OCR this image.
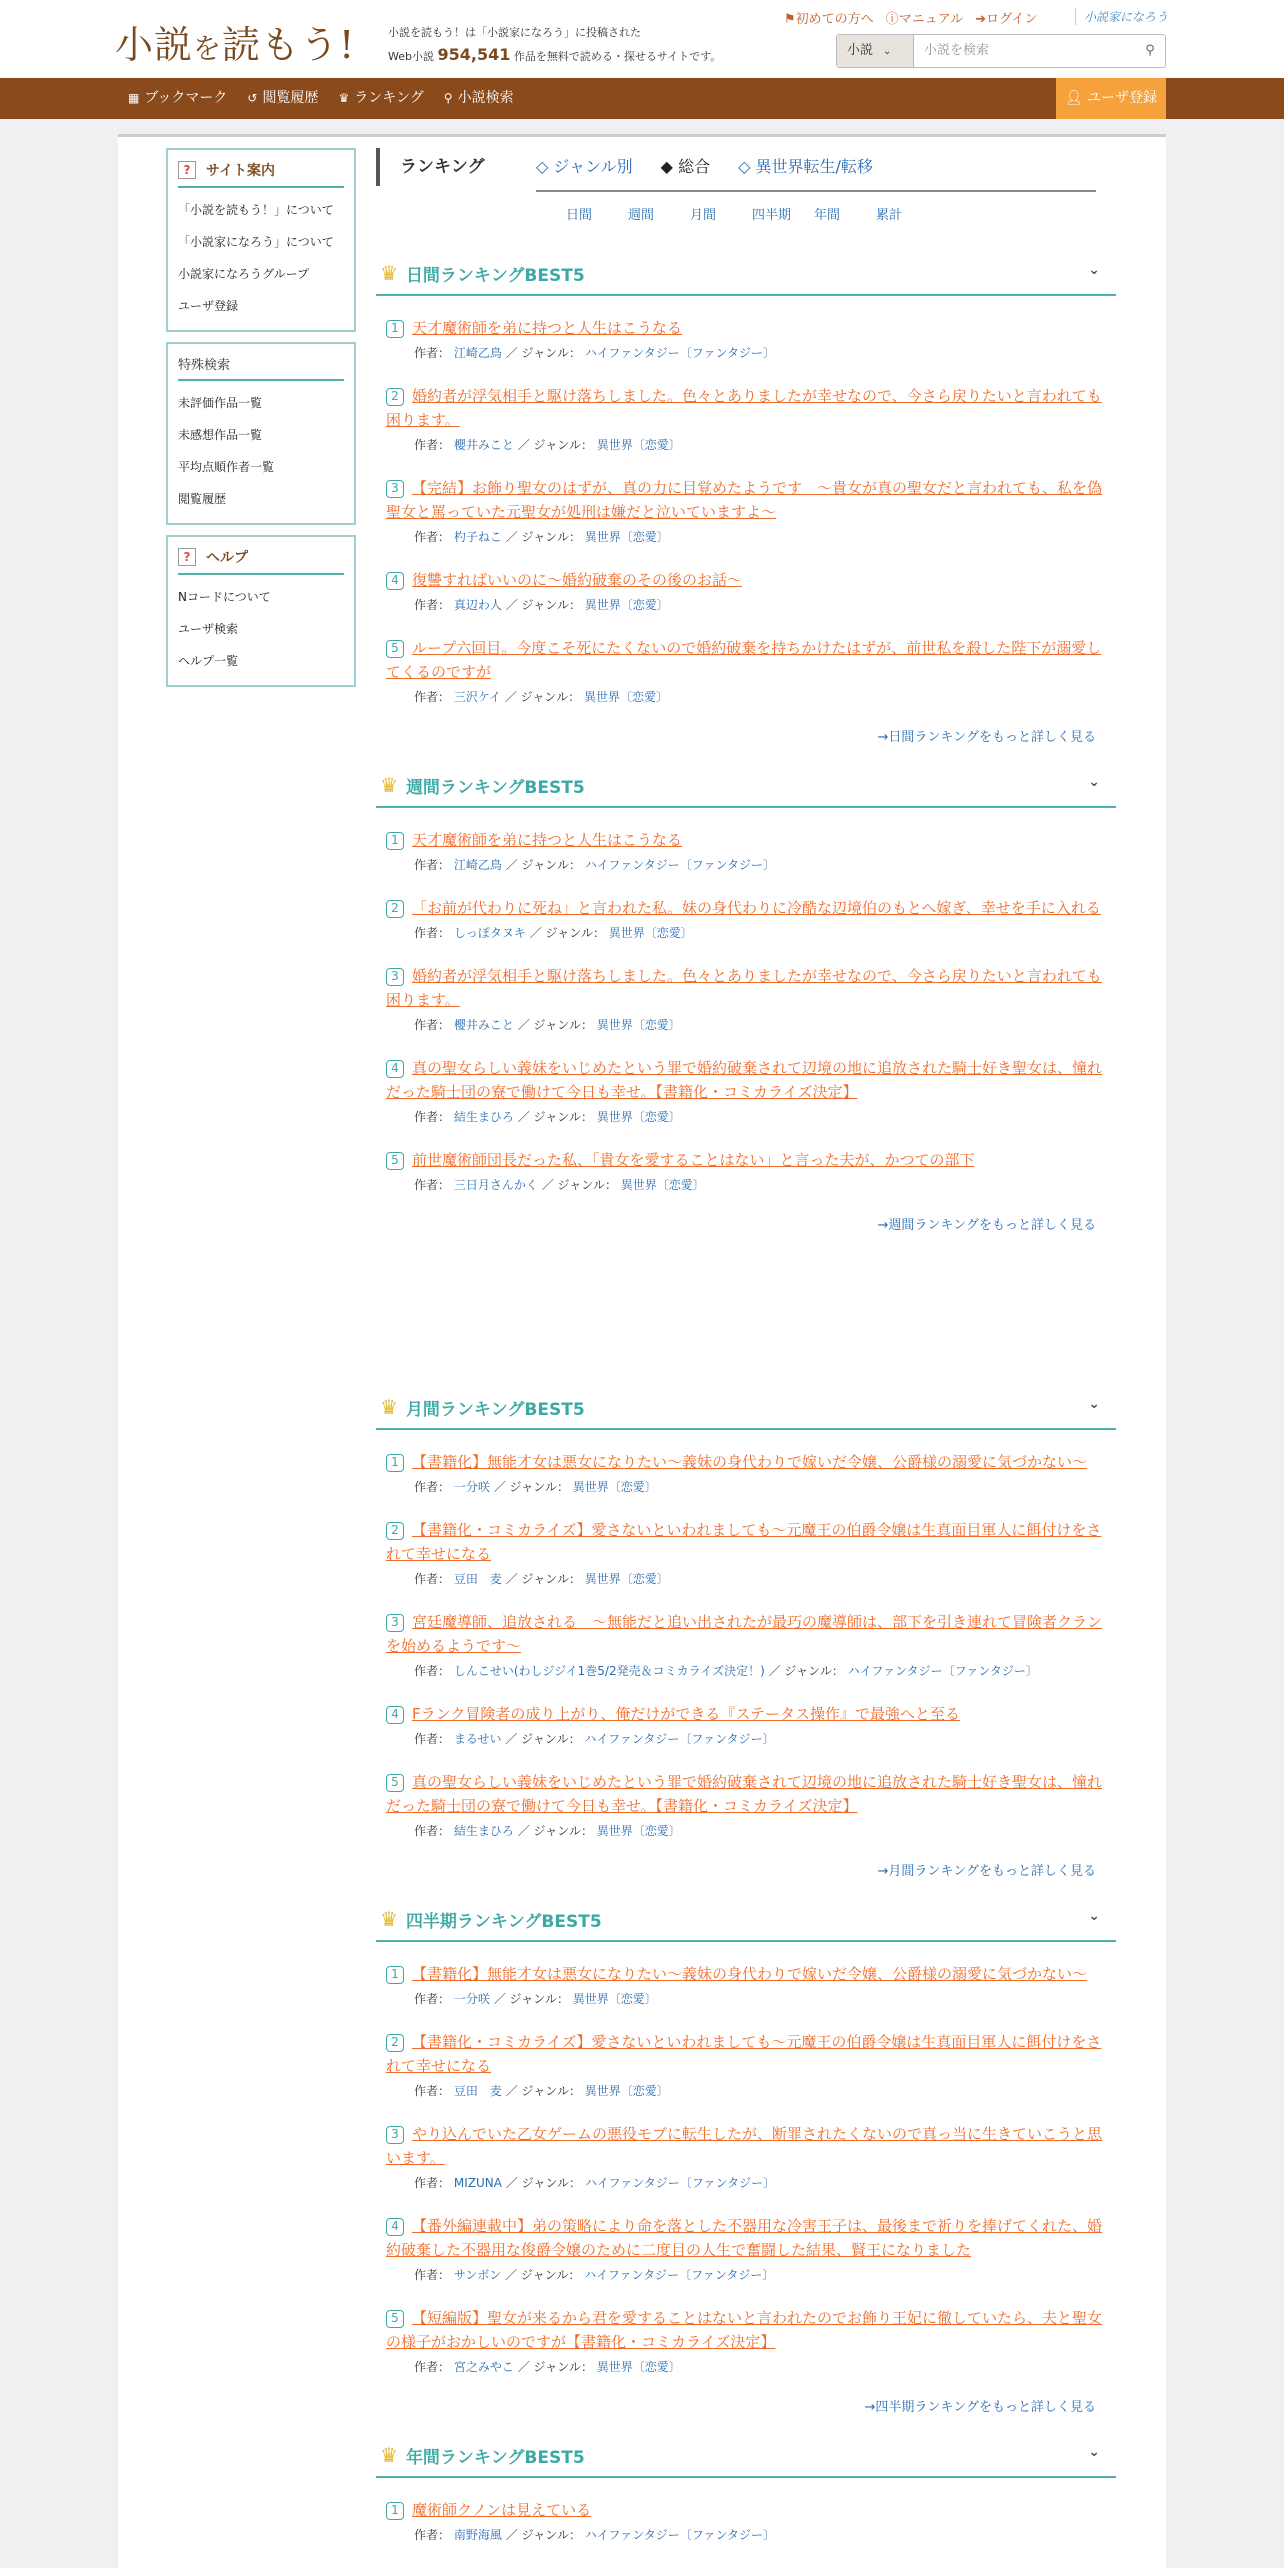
小説を読もう!	小説を読もう！は「小説家になろう」に投稿された
Web小説 954,541 作品を無料で読める・探せるサイトです。
⚑初めての方へ ⓘマニュアル ➔ログイン	小説家になろう
小説 ⌄	小説を検索	⚲
▦ ブックマーク ↺ 閲覧履歴 ♛ ランキング ⚲ 小説検索	👤︎ ユーザ登録
?	サイト案内
「小説を読もう！」について
「小説家になろう」について
小説家になろうグループ
ユーザ登録
特殊検索
未評価作品一覧
未感想作品一覧
平均点順作者一覧
閲覧履歴
?	ヘルプ
Nコードについて
ユーザ検索
ヘルプ一覧
ランキング	◇ ジャンル別 ◆ 総合 ◇ 異世界転生/転移
日間	週間	月間	四半期	年間	累計
♛ 日間ランキングBEST5	⌄
1 天才魔術師を弟に持つと人生はこうなる
作者： 江崎乙鳥 ／ ジャンル： ハイファンタジー〔ファンタジー〕
2 婚約者が浮気相手と駆け落ちしました。色々とありましたが幸せなので、今さら戻りたいと言われても困ります。
作者： 櫻井みこと ／ ジャンル： 異世界〔恋愛〕
3 【完結】お飾り聖女のはずが、真の力に目覚めたようです　～貴女が真の聖女だと言われても、私を偽聖女と罵っていた元聖女が処刑は嫌だと泣いていますよ～
作者： 杓子ねこ ／ ジャンル： 異世界〔恋愛〕
4 復讐すればいいのに〜婚約破棄のその後のお話〜
作者： 真辺わ人 ／ ジャンル： 異世界〔恋愛〕
5 ループ六回目。今度こそ死にたくないので婚約破棄を持ちかけたはずが、前世私を殺した陛下が溺愛してくるのですが
作者： 三沢ケイ ／ ジャンル： 異世界〔恋愛〕
→日間ランキングをもっと詳しく見る
♛ 週間ランキングBEST5	⌄
1 天才魔術師を弟に持つと人生はこうなる
作者： 江崎乙鳥 ／ ジャンル： ハイファンタジー〔ファンタジー〕
2 「お前が代わりに死ね」と言われた私。妹の身代わりに冷酷な辺境伯のもとへ嫁ぎ、幸せを手に入れる
作者： しっぽタヌキ ／ ジャンル： 異世界〔恋愛〕
3 婚約者が浮気相手と駆け落ちしました。色々とありましたが幸せなので、今さら戻りたいと言われても困ります。
作者： 櫻井みこと ／ ジャンル： 異世界〔恋愛〕
4 真の聖女らしい義妹をいじめたという罪で婚約破棄されて辺境の地に追放された騎士好き聖女は、憧れだった騎士団の寮で働けて今日も幸せ。【書籍化・コミカライズ決定】
作者： 結生まひろ ／ ジャンル： 異世界〔恋愛〕
5 前世魔術師団長だった私、「貴女を愛することはない」と言った夫が、かつての部下
作者： 三日月さんかく ／ ジャンル： 異世界〔恋愛〕
→週間ランキングをもっと詳しく見る
♛ 月間ランキングBEST5	⌄
1 【書籍化】無能才女は悪女になりたい～義妹の身代わりで嫁いだ令嬢、公爵様の溺愛に気づかない～
作者： 一分咲 ／ ジャンル： 異世界〔恋愛〕
2 【書籍化・コミカライズ】愛さないといわれましても～元魔王の伯爵令嬢は生真面目軍人に餌付けをされて幸せになる
作者： 豆田　麦 ／ ジャンル： 異世界〔恋愛〕
3 宮廷魔導師、追放される　～無能だと追い出されたが最巧の魔導師は、部下を引き連れて冒険者クランを始めるようです～
作者： しんこせい(わしジジイ1巻5/2発売＆コミカライズ決定！) ／ ジャンル： ハイファンタジー〔ファンタジー〕
4 Fランク冒険者の成り上がり、俺だけができる『ステータス操作』で最強へと至る
作者： まるせい ／ ジャンル： ハイファンタジー〔ファンタジー〕
5 真の聖女らしい義妹をいじめたという罪で婚約破棄されて辺境の地に追放された騎士好き聖女は、憧れだった騎士団の寮で働けて今日も幸せ。【書籍化・コミカライズ決定】
作者： 結生まひろ ／ ジャンル： 異世界〔恋愛〕
→月間ランキングをもっと詳しく見る
♛ 四半期ランキングBEST5	⌄
1 【書籍化】無能才女は悪女になりたい～義妹の身代わりで嫁いだ令嬢、公爵様の溺愛に気づかない～
作者： 一分咲 ／ ジャンル： 異世界〔恋愛〕
2 【書籍化・コミカライズ】愛さないといわれましても～元魔王の伯爵令嬢は生真面目軍人に餌付けをされて幸せになる
作者： 豆田　麦 ／ ジャンル： 異世界〔恋愛〕
3 やり込んでいた乙女ゲームの悪役モブに転生したが、断罪されたくないので真っ当に生きていこうと思います。
作者： MIZUNA ／ ジャンル： ハイファンタジー〔ファンタジー〕
4 【番外編連載中】弟の策略により命を落とした不器用な冷害王子は、最後まで祈りを捧げてくれた、婚約破棄した不器用な俊爵令嬢のために二度目の人生で奮闘した結果、賢王になりました
作者： サンボン ／ ジャンル： ハイファンタジー〔ファンタジー〕
5 【短編版】聖女が来るから君を愛することはないと言われたのでお飾り王妃に徹していたら、夫と聖女の様子がおかしいのですが【書籍化・コミカライズ決定】
作者： 宮之みやこ ／ ジャンル： 異世界〔恋愛〕
→四半期ランキングをもっと詳しく見る
♛ 年間ランキングBEST5	⌄
1 魔術師クノンは見えている
作者： 南野海風 ／ ジャンル： ハイファンタジー〔ファンタジー〕
